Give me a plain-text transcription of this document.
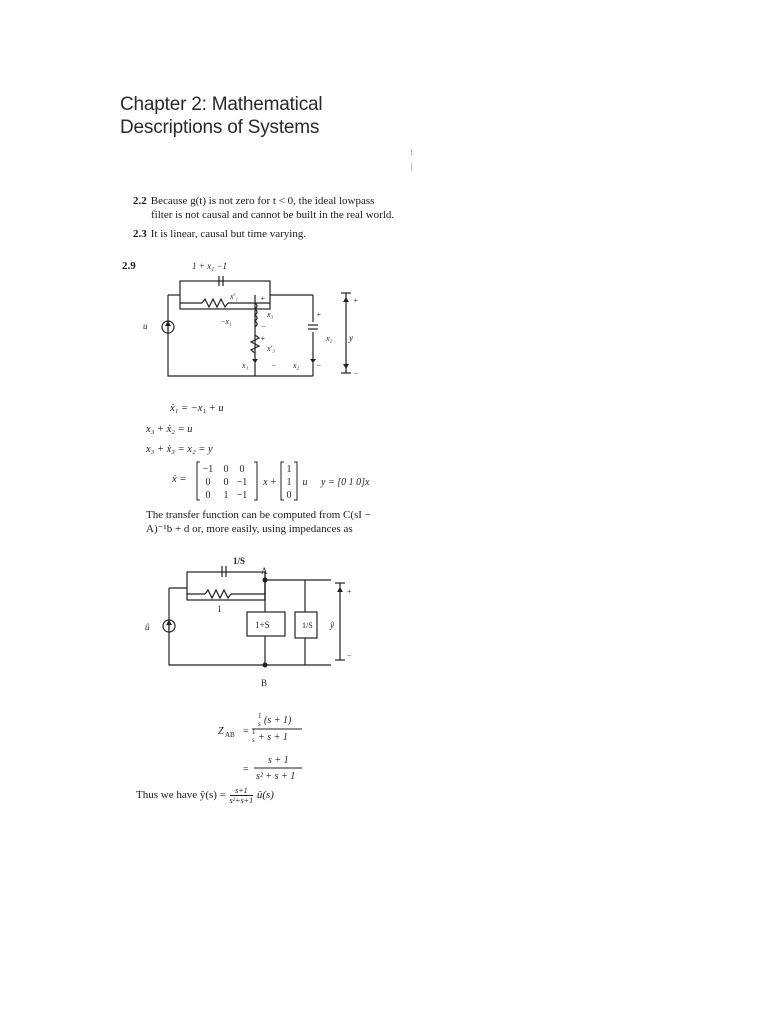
Chapter 2: Mathematical
Descriptions of Systems
!
|
2.2 Because g(t) is not zero for t < 0, the ideal lowpass
filter is not causal and cannot be built in the real world.
2.3 It is linear, causal but time varying.
2.9	1 + x₁ −1
x'₁
−x₁
u
x₃
x'₃
x₂ y
x₁	x₂
+
−
+
−
+
−
+
−
ẋ₁ = −x₁ + u
x₃ + ẋ₂ = u
x₃ + ẋ₃ = x₂ = y
ẋ =
−1 0 0
0 0 −1
0 1 −1
x +
1
1
0
u y = [0 1 0]x
The transfer function can be computed from C(sI −
A)⁻¹b + d or, more easily, using impedances as
1/S
1
A
B
1+S	1/S
û	ŷ
+
−
Z AB =
1
s (s + 1)
1
s + s + 1
=
s + 1
s² + s + 1
Thus we have ŷ(s) = $\frac{s+1}{\text{s²+s+1}}$ û(s)
